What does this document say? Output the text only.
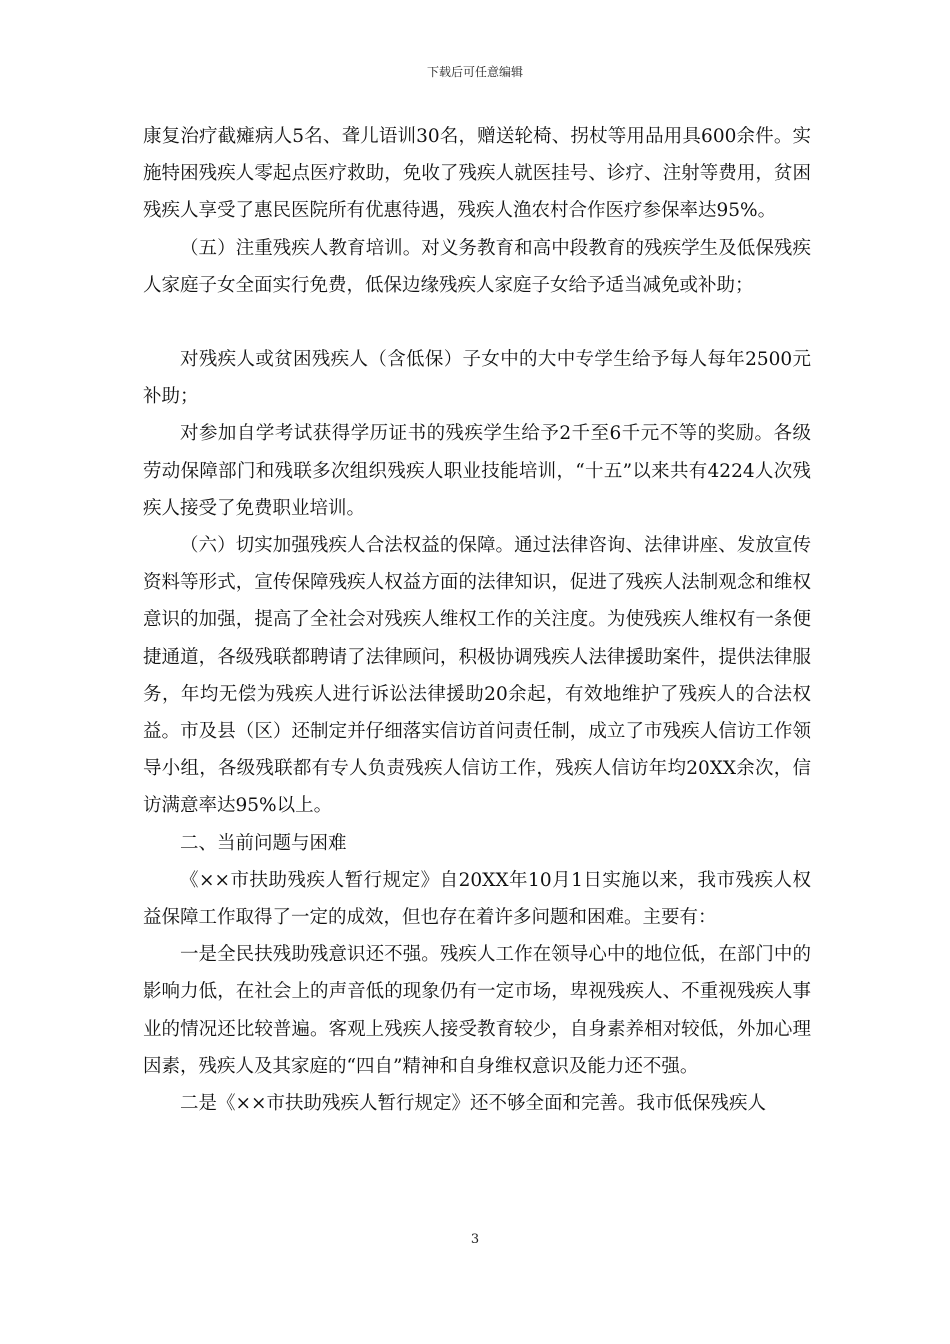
下载后可任意编辑

康复治疗截瘫病人5名、聋儿语训30名，赠送轮椅、拐杖等用品用具600余件。实施特困残疾人零起点医疗救助，免收了残疾人就医挂号、诊疗、注射等费用，贫困残疾人享受了惠民医院所有优惠待遇，残疾人渔农村合作医疗参保率达95%。

（五）注重残疾人教育培训。对义务教育和高中段教育的残疾学生及低保残疾人家庭子女全面实行免费，低保边缘残疾人家庭子女给予适当减免或补助；

对残疾人或贫困残疾人（含低保）子女中的大中专学生给予每人每年2500元补助；

对参加自学考试获得学历证书的残疾学生给予2千至6千元不等的奖励。各级劳动保障部门和残联多次组织残疾人职业技能培训，“十五”以来共有4224人次残疾人接受了免费职业培训。

（六）切实加强残疾人合法权益的保障。通过法律咨询、法律讲座、发放宣传资料等形式，宣传保障残疾人权益方面的法律知识，促进了残疾人法制观念和维权意识的加强，提高了全社会对残疾人维权工作的关注度。为使残疾人维权有一条便捷通道，各级残联都聘请了法律顾问，积极协调残疾人法律援助案件，提供法律服务，年均无偿为残疾人进行诉讼法律援助20余起，有效地维护了残疾人的合法权益。市及县（区）还制定并仔细落实信访首问责任制，成立了市残疾人信访工作领导小组，各级残联都有专人负责残疾人信访工作，残疾人信访年均20XX余次，信访满意率达95%以上。

二、当前问题与困难

《××市扶助残疾人暂行规定》自20XX年10月1日实施以来，我市残疾人权益保障工作取得了一定的成效，但也存在着许多问题和困难。主要有：

一是全民扶残助残意识还不强。残疾人工作在领导心中的地位低，在部门中的影响力低，在社会上的声音低的现象仍有一定市场，卑视残疾人、不重视残疾人事业的情况还比较普遍。客观上残疾人接受教育较少，自身素养相对较低，外加心理因素，残疾人及其家庭的“四自”精神和自身维权意识及能力还不强。

二是《××市扶助残疾人暂行规定》还不够全面和完善。我市低保残疾人

3
